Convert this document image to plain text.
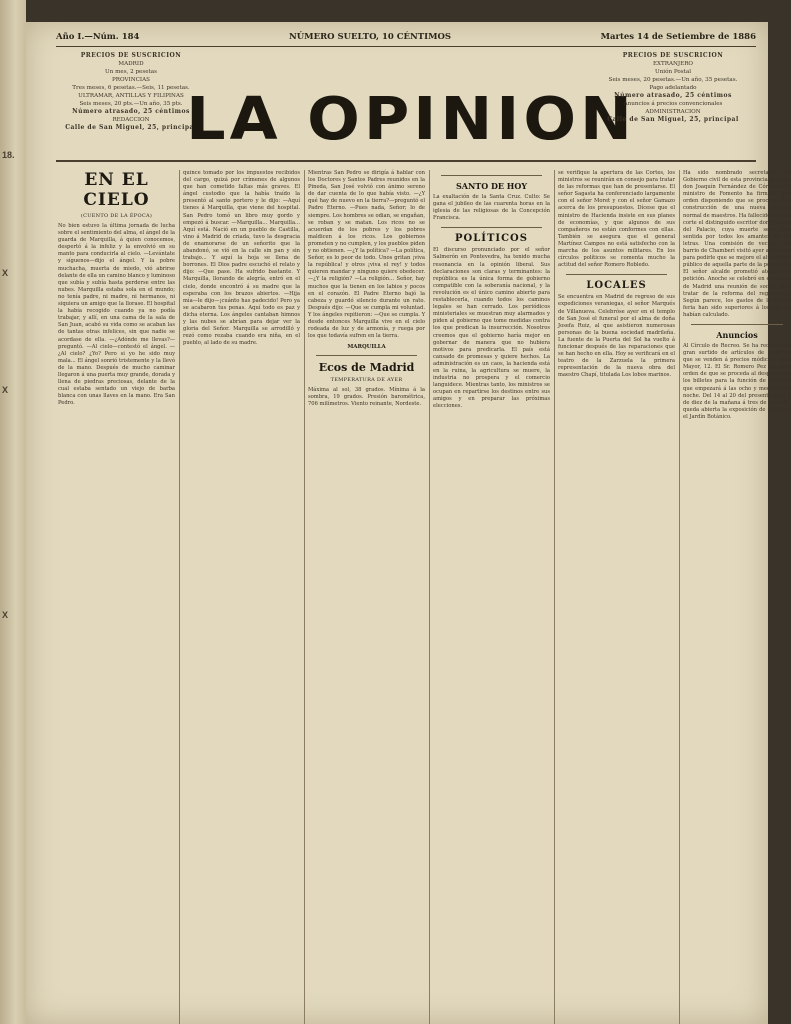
18.
X
X
X
Año I.—Núm. 184	NÚMERO SUELTO, 10 CÉNTIMOS	Martes 14 de Setiembre de 1886
PRECIOS DE SUSCRICION
MADRID
Un mes, 2 pesetas
PROVINCIAS
Tres meses, 6 pesetas.—Seis, 11 pesetas.
ULTRAMAR, ANTILLAS Y FILIPINAS
Seis meses, 20 pts.—Un año, 35 pts.
Número atrasado, 25 céntimos
REDACCION
Calle de San Miguel, 25, principal
LA OPINION
PRECIOS DE SUSCRICION
EXTRANJERO
Unión Postal
Seis meses, 20 pesetas.—Un año, 35 pesetas.
Pago adelantado
Número atrasado, 25 céntimos
Anuncios á precios convencionales
ADMINISTRACION
Calle de San Miguel, 25, principal
EN EL CIELO
(CUENTO DE LA ÉPOCA)

No bien estuvo la última jornada de lucha sobre el sentimiento del alma, el ángel de la guarda de Marquilla, á quien conocemos, despertó á la infeliz y la envolvió en su manto para conducirla al cielo. —Levántate y síguenos—dijo el ángel. Y la pobre muchacha, muerta de miedo, vió abrirse delante de ella un camino blanco y luminoso que subía y subía hasta perderse entre las nubes. Marquilla estaba sola en el mundo; no tenía padre, ni madre, ni hermanos, ni siquiera un amigo que la llorase. El hospital la había recogido cuando ya no podía trabajar, y allí, en una cama de la sala de San Juan, acabó su vida como se acaban las de tantas otras infelices, sin que nadie se acordase de ella. —¿Adónde me llevas?—preguntó. —Al cielo—contestó el ángel. —¿Al cielo? ¿Yo? Pero si yo he sido muy mala... El ángel sonrió tristemente y la llevó de la mano. Después de mucho caminar llegaron á una puerta muy grande, dorada y llena de piedras preciosas, delante de la cual estaba sentado un viejo de barba blanca con unas llaves en la mano. Era San Pedro.

quince tomado por los impuestos recibidos del cargo, quizá por crímenes de algunos que han cometido faltas más graves. El ángel custodio que la había traído la presentó al santo portero y le dijo: —Aquí tienes á Marquilla, que viene del hospital. San Pedro tomó un libro muy gordo y empezó á buscar. —Marquilla... Marquilla... Aquí está. Nació en un pueblo de Castilla, vino á Madrid de criada, tuvo la desgracia de enamorarse de un señorito que la abandonó, se vió en la calle sin pan y sin trabajo... Y aquí la hoja se llena de borrones. El Dios padre escuchó el relato y dijo: —Que pase. Ha sufrido bastante. Y Marquilla, llorando de alegría, entró en el cielo, donde encontró á su madre que la esperaba con los brazos abiertos. —Hija mía—le dijo—¡cuánto has padecido! Pero ya se acabaron tus penas. Aquí todo es paz y dicha eterna. Los ángeles cantaban himnos y las nubes se abrían para dejar ver la gloria del Señor. Marquilla se arrodilló y rezó como rezaba cuando era niña, en el pueblo, al lado de su madre.

Mientras San Pedro se dirigía á hablar con los Doctores y Santos Padres reunidos en la Pineda, San José volvió con ánimo sereno de dar cuenta de lo que había visto. —¿Y qué hay de nuevo en la tierra?—preguntó el Padre Eterno. —Pues nada, Señor; lo de siempre. Los hombres se odian, se engañan, se roban y se matan. Los ricos no se acuerdan de los pobres y los pobres maldicen á los ricos. Los gobiernos prometen y no cumplen, y los pueblos piden y no obtienen. —¿Y la política? —La política, Señor, es lo peor de todo. Unos gritan ¡viva la república! y otros ¡viva el rey! y todos quieren mandar y ninguno quiere obedecer. —¿Y la religión? —La religión... Señor, hay muchos que la tienen en los labios y pocos en el corazón. El Padre Eterno bajó la cabeza y guardó silencio durante un rato. Después dijo: —Que se cumpla mi voluntad. Y los ángeles repitieron: —Que se cumpla. Y desde entonces Marquilla vive en el cielo rodeada de luz y de armonía, y ruega por los que todavía sufren en la tierra.

MARQUILLA
Ecos de Madrid
TEMPERATURA DE AYER

Máxima al sol, 38 grados. Mínima á la sombra, 19 grados. Presión barométrica, 706 milímetros. Viento reinante, Nordeste.

SANTO DE HOY

La exaltación de la Santa Cruz. Culto: Se gana el jubileo de las cuarenta horas en la iglesia de las religiosas de la Concepción Francisca.

POLÍTICOS

El discurso pronunciado por el señor Salmerón en Pontevedra, ha tenido mucha resonancia en la opinión liberal. Sus declaraciones son claras y terminantes: la república es la única forma de gobierno compatible con la soberanía nacional, y la revolución es el único camino abierto para restablecerla, cuando todos los caminos legales se han cerrado. Los periódicos ministeriales se muestran muy alarmados y piden al gobierno que tome medidas contra los que predican la insurrección. Nosotros creemos que el gobierno haría mejor en gobernar de manera que no hubiera motivos para predicarla. El país está cansado de promesas y quiere hechos. La administración es un caos, la hacienda está en la ruina, la agricultura se muere, la industria no prospera y el comercio languidece. Mientras tanto, los ministros se ocupan en repartirse los destinos entre sus amigos y en preparar las próximas elecciones.

se verifique la apertura de las Cortes, los ministros se reunirán en consejo para tratar de las reformas que han de presentarse. El señor Sagasta ha conferenciado largamente con el señor Moret y con el señor Gamazo acerca de los presupuestos. Dícese que el ministro de Hacienda insiste en sus planes de economías, y que algunos de sus compañeros no están conformes con ellas. También se asegura que el general Martínez Campos no está satisfecho con la marcha de los asuntos militares. En los círculos políticos se comenta mucho la actitud del señor Romero Robledo.

LOCALES

Se encuentra en Madrid de regreso de sus expediciones veraniegas, el señor Marqués de Villanueva. Celebróse ayer en el templo de San José el funeral por el alma de doña Josefa Ruiz, al que asistieron numerosas personas de la buena sociedad madrileña. La fuente de la Puerta del Sol ha vuelto á funcionar después de las reparaciones que se han hecho en ella. Hoy se verificará en el teatro de la Zarzuela la primera representación de la nueva obra del maestro Chapí, titulada Los lobos marinos.

Ha sido nombrado secretario del Gobierno civil de esta provincia el señor don Joaquín Fernández de Córdoba. El ministro de Fomento ha firmado una orden disponiendo que se proceda á la construcción de una nueva escuela normal de maestros. Ha fallecido en esta corte el distinguido escritor don Manuel del Palacio, cuya muerte será muy sentida por todos los amantes de las letras. Una comisión de vecinos del barrio de Chamberí visitó ayer al alcalde para pedirle que se mejore el alumbrado público de aquella parte de la población. El señor alcalde prometió atender la petición. Anoche se celebró en el Casino de Madrid una reunión de socios para tratar de la reforma del reglamento. Según parece, los gastos de la última feria han sido superiores á los que se habían calculado.

Anuncios

Al Círculo de Recreo. Se ha recibido un gran surtido de artículos de invierno, que se venden á precios módicos. Calle Mayor, 12. El Sr. Romero Pez ha dado orden de que se proceda al despacho de los billetes para la función de mañana, que empezará á las ocho y media de la noche. Del 14 al 20 del presente mes, y de diez de la mañana á tres de la tarde, queda abierta la exposición de flores en el Jardín Botánico.
